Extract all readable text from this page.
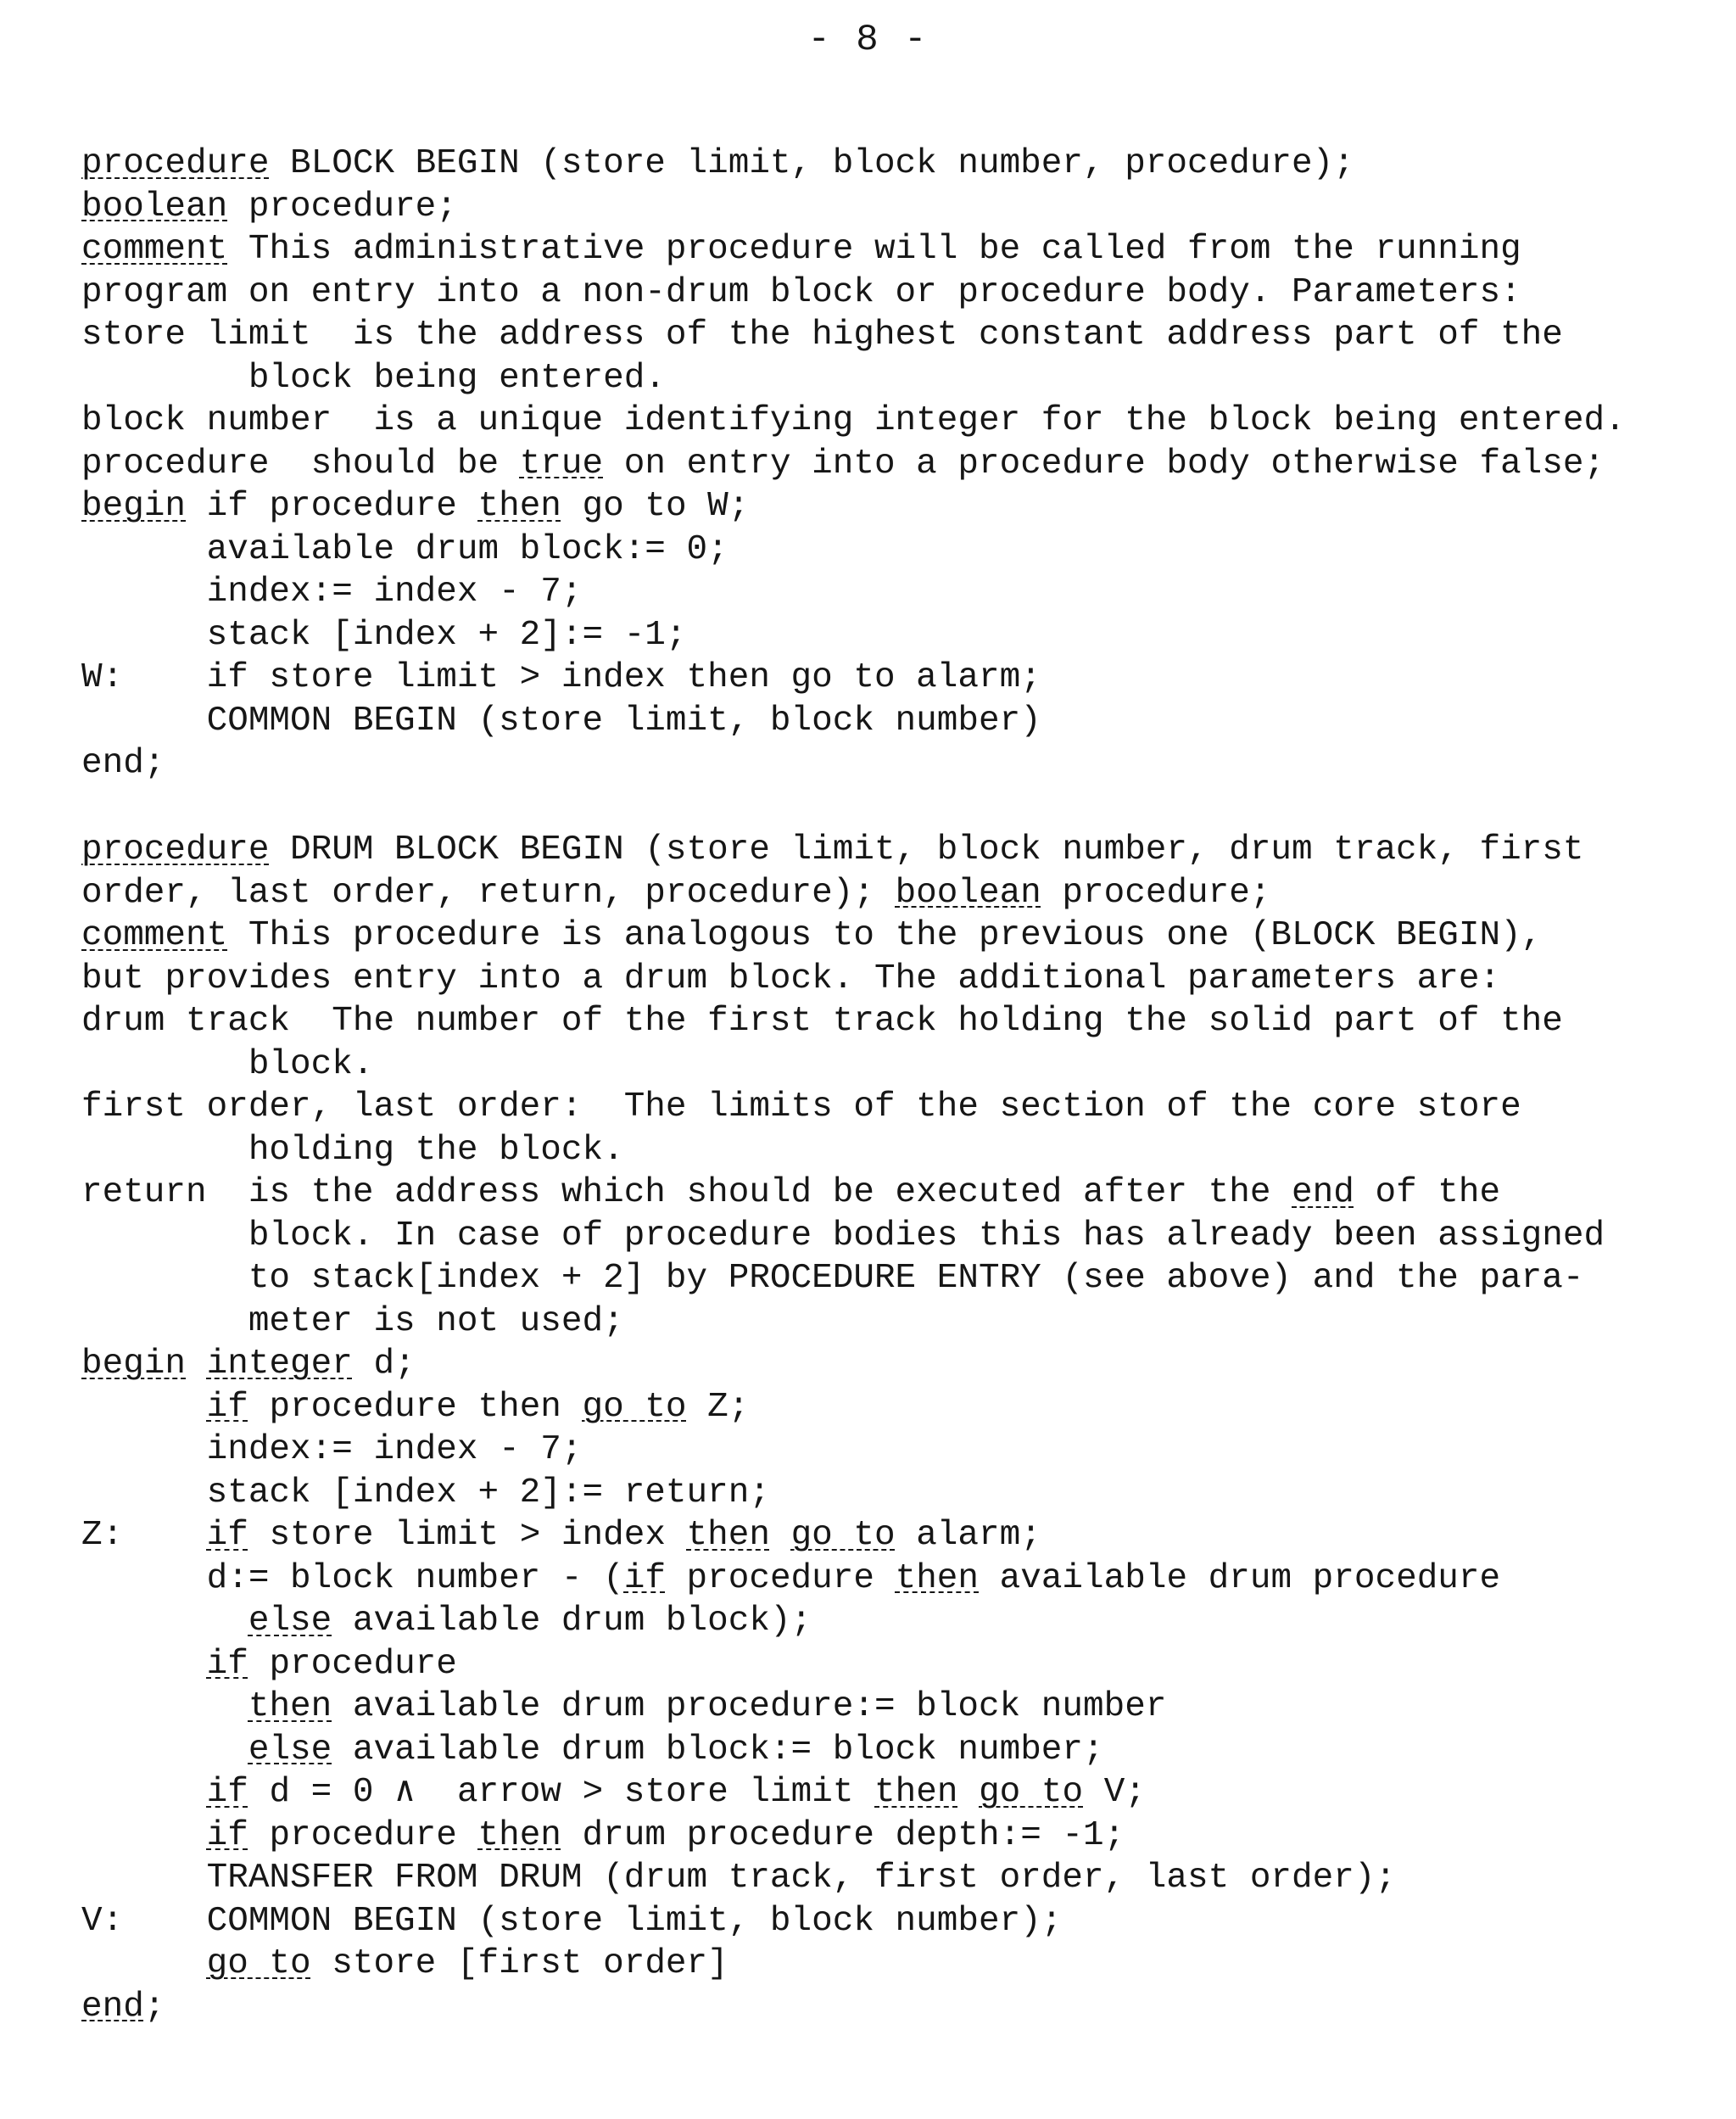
- 8 -
procedure BLOCK BEGIN (store limit, block number, procedure);
boolean procedure;
comment This administrative procedure will be called from the running
program on entry into a non-drum block or procedure body. Parameters:
store limit  is the address of the highest constant address part of the
block being entered.
block number  is a unique identifying integer for the block being entered.
procedure  should be true on entry into a procedure body otherwise false;
begin if procedure then go to W;
available drum block:= 0;
index:= index - 7;
stack [index + 2]:= -1;
W:    if store limit > index then go to alarm;
COMMON BEGIN (store limit, block number)
end;
procedure DRUM BLOCK BEGIN (store limit, block number, drum track, first
order, last order, return, procedure); boolean procedure;
comment This procedure is analogous to the previous one (BLOCK BEGIN),
but provides entry into a drum block. The additional parameters are:
drum track  The number of the first track holding the solid part of the
block.
first order, last order:  The limits of the section of the core store
holding the block.
return  is the address which should be executed after the end of the
block. In case of procedure bodies this has already been assigned
to stack[index + 2] by PROCEDURE ENTRY (see above) and the para-
meter is not used;
begin integer d;
if procedure then go to Z;
index:= index - 7;
stack [index + 2]:= return;
Z:    if store limit > index then go to alarm;
d:= block number - (if procedure then available drum procedure
else available drum block);
if procedure
then available drum procedure:= block number
else available drum block:= block number;
if d = 0 ∧  arrow > store limit then go to V;
if procedure then drum procedure depth:= -1;
TRANSFER FROM DRUM (drum track, first order, last order);
V:    COMMON BEGIN (store limit, block number);
go to store [first order]
end;
